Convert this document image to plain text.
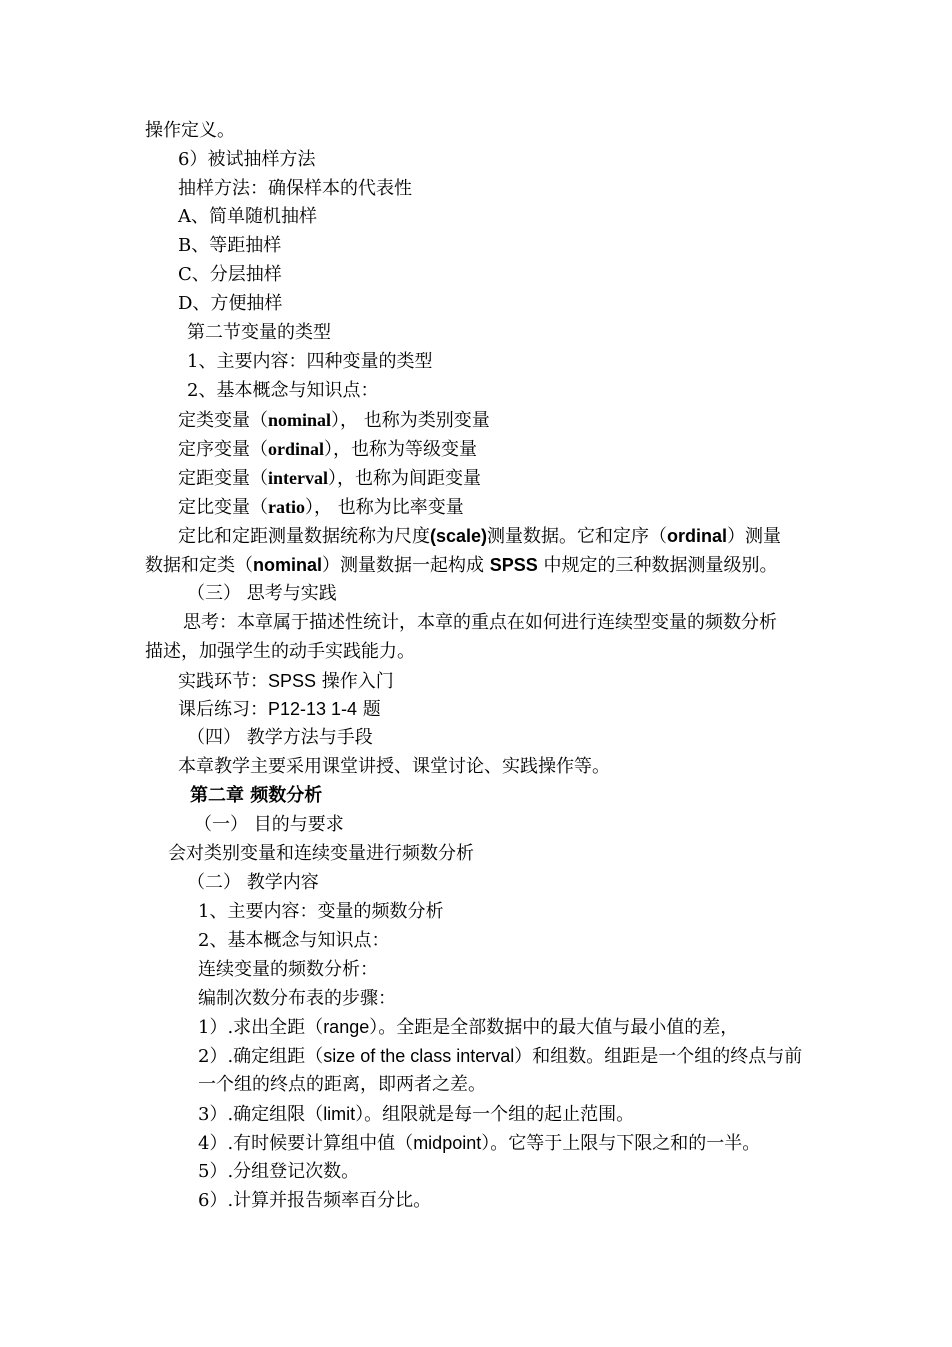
操作定义。
6）被试抽样方法
抽样方法：确保样本的代表性
A、简单随机抽样
B、等距抽样
C、分层抽样
D、方便抽样
第二节变量的类型
1、主要内容：四种变量的类型
2、基本概念与知识点：
定类变量（nominal）， 也称为类别变量
定序变量（ordinal），也称为等级变量
定距变量（interval），也称为间距变量
定比变量（ratio）， 也称为比率变量
定比和定距测量数据统称为尺度(scale)测量数据。它和定序（ordinal）测量
数据和定类（nominal）测量数据一起构成 SPSS 中规定的三种数据测量级别。
（三） 思考与实践
思考：本章属于描述性统计，本章的重点在如何进行连续型变量的频数分析
描述，加强学生的动手实践能力。
实践环节：SPSS 操作入门
课后练习：P12-13 1-4 题
（四） 教学方法与手段
本章教学主要采用课堂讲授、课堂讨论、实践操作等。
第二章 频数分析
（一） 目的与要求
会对类别变量和连续变量进行频数分析
（二） 教学内容
1、主要内容：变量的频数分析
2、基本概念与知识点：
连续变量的频数分析：
编制次数分布表的步骤：
1）.求出全距（range）。全距是全部数据中的最大值与最小值的差，
2）.确定组距（size of the class interval）和组数。组距是一个组的终点与前
一个组的终点的距离，即两者之差。
3）.确定组限（limit）。组限就是每一个组的起止范围。
4）.有时候要计算组中值（midpoint）。它等于上限与下限之和的一半。
5）.分组登记次数。
6）.计算并报告频率百分比。
